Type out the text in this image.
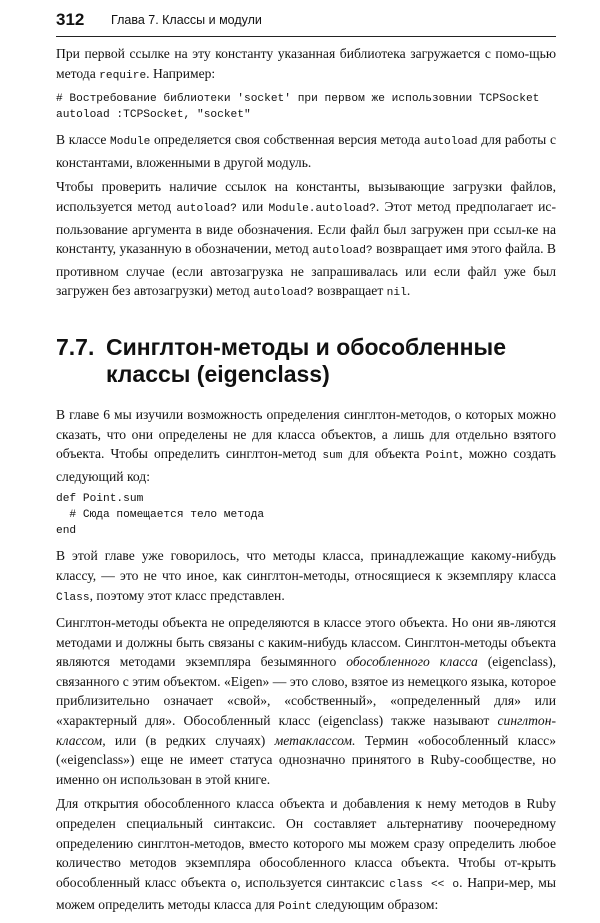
312 Глава 7. Классы и модули

При первой ссылке на эту константу указанная библиотека загружается с помо-щью метода require. Например:

# Востребование библиотеки 'socket' при первом же использовнии TCPSocket
autoload :TCPSocket, "socket"

В классе Module определяется своя собственная версия метода autoload для работы с константами, вложенными в другой модуль.

Чтобы проверить наличие ссылок на константы, вызывающие загрузки файлов, используется метод autoload? или Module.autoload?. Этот метод предполагает ис-пользование аргумента в виде обозначения. Если файл был загружен при ссыл-ке на константу, указанную в обозначении, метод autoload? возвращает имя этого файла. В противном случае (если автозагрузка не запрашивалась или если файл уже был загружен без автозагрузки) метод autoload? возвращает nil.

7.7. Синглтон-методы и обособленные
классы (eigenclass)

В главе 6 мы изучили возможность определения синглтон-методов, о которых можно сказать, что они определены не для класса объектов, а лишь для отдельно взятого объекта. Чтобы определить синглтон-метод sum для объекта Point, можно создать следующий код:

def Point.sum
# Сюда помещается тело метода
end

В этой главе уже говорилось, что методы класса, принадлежащие какому-нибудь классу, — это не что иное, как синглтон-методы, относящиеся к экземпляру класса Class, поэтому этот класс представлен.

Синглтон-методы объекта не определяются в классе этого объекта. Но они яв-ляются методами и должны быть связаны с каким-нибудь классом. Синглтон-методы объекта являются методами экземпляра безымянного обособленного класса (eigenclass), связанного с этим объектом. «Eigen» — это слово, взятое из немецкого языка, которое приблизительно означает «свой», «собственный», «определенный для» или «характерный для». Обособленный класс (eigenclass) также называют синглтон-классом, или (в редких случаях) метаклассом. Термин «обособленный класс» («eigenclass») еще не имеет статуса однозначно принятого в Ruby-сообществе, но именно он использован в этой книге.

Для открытия обособленного класса объекта и добавления к нему методов в Ruby определен специальный синтаксис. Он составляет альтернативу поочередному определению синглтон-методов, вместо которого мы можем сразу определить любое количество методов экземпляра обособленного класса объекта. Чтобы от-крыть обособленный класс объекта o, используется синтаксис class << o. Напри-мер, мы можем определить методы класса для Point следующим образом:
